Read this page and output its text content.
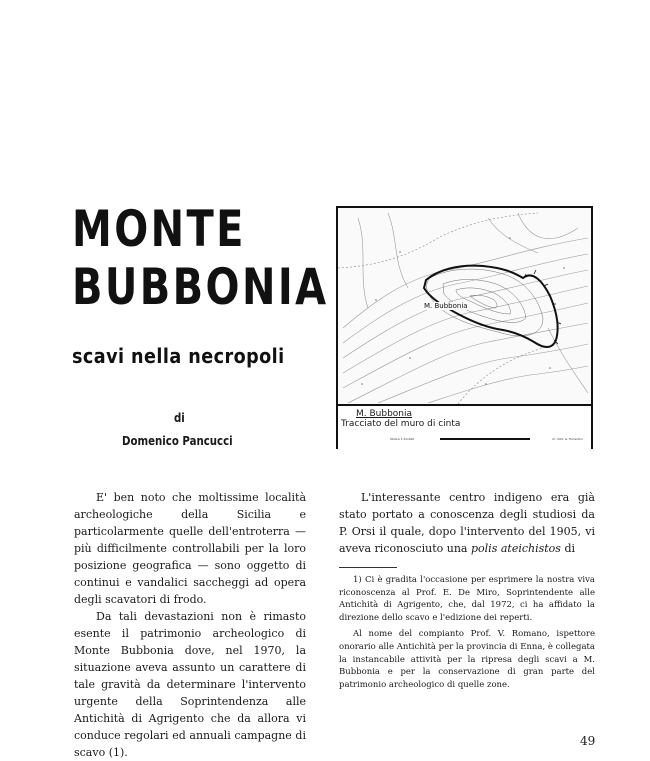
MONTE
BUBBONIA
scavi nella necropoli
di
Domenico Pancucci

M. Bubbonia

M. Bubbonia
Tracciato del muro di cinta
SCALA 1:10.000	ril. dott. G. Fiorentini

E' ben noto che moltissime località archeologiche della Sicilia e particolarmente quelle dell'entroterra — più difficilmente controllabili per la loro posizione geografica — sono oggetto di continui e vandalici saccheggi ad opera degli scavatori di frodo.

Da tali devastazioni non è rimasto esente il patrimonio archeologico di Monte Bubbonia dove, nel 1970, la situazione aveva assunto un carattere di tale gravità da determinare l'intervento urgente della Soprintendenza alle Antichità di Agrigento che da allora vi conduce regolari ed annuali campagne di scavo (1).

L'interessante centro indigeno era già stato portato a conoscenza degli studiosi da P. Orsi il quale, dopo l'intervento del 1905, vi aveva riconosciuto una polis ateichistos di

1) Ci è gradita l'occasione per esprimere la nostra viva riconoscenza al Prof. E. De Miro, Soprintendente alle Antichità di Agrigento, che, dal 1972, ci ha affidato la direzione dello scavo e l'edizione dei reperti.

Al nome del compianto Prof. V. Romano, ispettore onorario alle Antichità per la provincia di Enna, è collegata la instancabile attività per la ripresa degli scavi a M. Bubbonia e per la conservazione di gran parte del patrimonio archeologico di quelle zone.

49
